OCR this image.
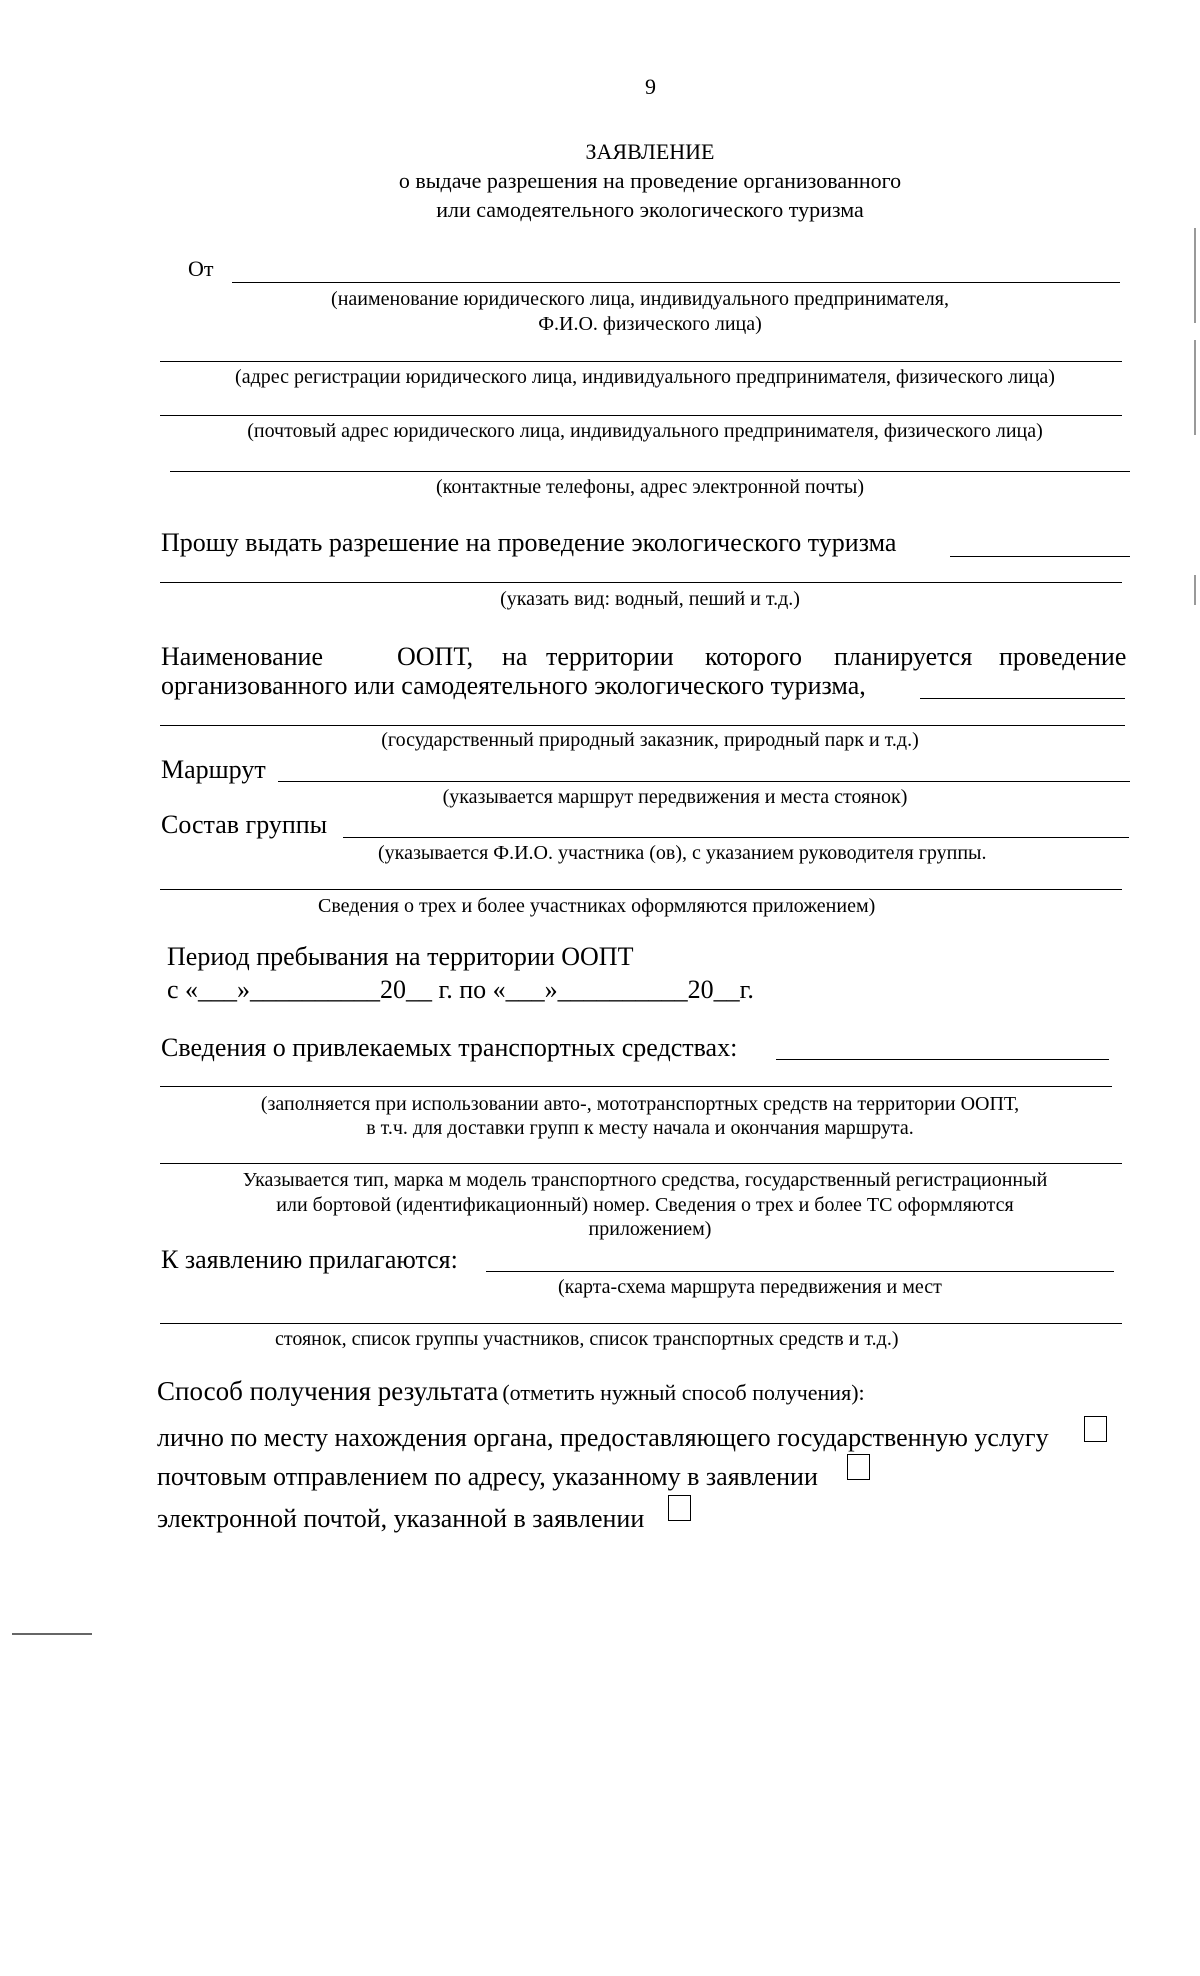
9
ЗАЯВЛЕНИЕ
о выдаче разрешения на проведение организованного
или самодеятельного экологического туризма
От
(наименование юридического лица, индивидуального предпринимателя,
Ф.И.О. физического лица)
(адрес регистрации юридического лица, индивидуального предпринимателя, физического лица)
(почтовый адрес юридического лица, индивидуального предпринимателя, физического лица)
(контактные телефоны, адрес электронной почты)
Прошу выдать разрешение на проведение экологического туризма
(указать вид: водный, пеший и т.д.)
Наименование	ООПТ, на территории которого планируется проведение
организованного или самодеятельного экологического туризма,
(государственный природный заказник, природный парк и т.д.)
Маршрут
(указывается маршрут передвижения и места стоянок)
Состав группы
(указывается Ф.И.О. участника (ов), с указанием руководителя группы.
Сведения о трех и более участниках оформляются приложением)
Период пребывания на территории ООПТ
с «___»__________20__ г. по «___»__________20__г.
Сведения о привлекаемых транспортных средствах:
(заполняется при использовании авто-, мототранспортных средств на территории ООПТ,
в т.ч. для доставки групп к месту начала и окончания маршрута.
Указывается тип, марка м модель транспортного средства, государственный регистрационный
или бортовой (идентификационный) номер. Сведения о трех и более ТС оформляются
приложением)
К заявлению прилагаются:
(карта-схема маршрута передвижения и мест
стоянок, список группы участников, список транспортных средств и т.д.)
Способ получения результата (отметить нужный способ получения):
лично по месту нахождения органа, предоставляющего государственную услугу
почтовым отправлением по адресу, указанному в заявлении
электронной почтой, указанной в заявлении
